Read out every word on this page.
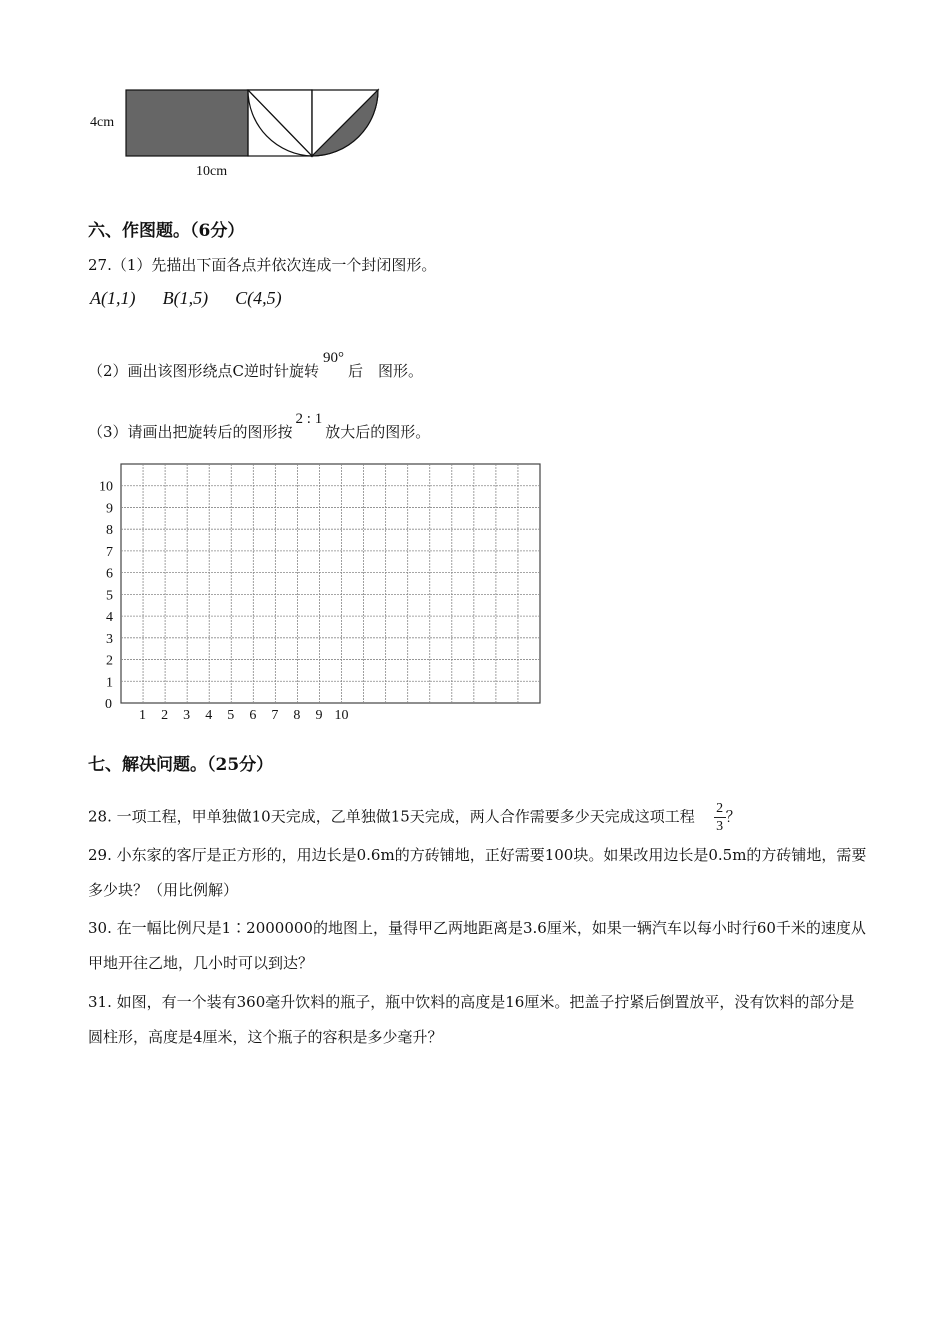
4cm
10cm
六、作图题。（6分）
27.（1）先描出下面各点并依次连成一个封闭图形。
A(1,1) B(1,5) C(4,5)
（2）画出该图形绕点C逆时针旋转90°后　图形。
（3）请画出把旋转后的图形按2 : 1放大后的图形。
0
1
2
3
4
5
6
7
8
9
10
1 2 3 4 5 6 7 8 9 10
七、解决问题。（25分）
28. 一项工程，甲单独做10天完成，乙单独做15天完成，两人合作需要多少天完成这项工程 $\frac{2}{3}$ ？
29. 小东家的客厅是正方形的，用边长是0.6m的方砖铺地，正好需要100块。如果改用边长是0.5m的方砖铺地，需要多少块？（用比例解）
30. 在一幅比例尺是1∶2000000的地图上，量得甲乙两地距离是3.6厘米，如果一辆汽车以每小时行60千米的速度从甲地开往乙地，几小时可以到达？
31. 如图，有一个装有360毫升饮料的瓶子，瓶中饮料的高度是16厘米。把盖子拧紧后倒置放平，没有饮料的部分是圆柱形，高度是4厘米，这个瓶子的容积是多少毫升？
